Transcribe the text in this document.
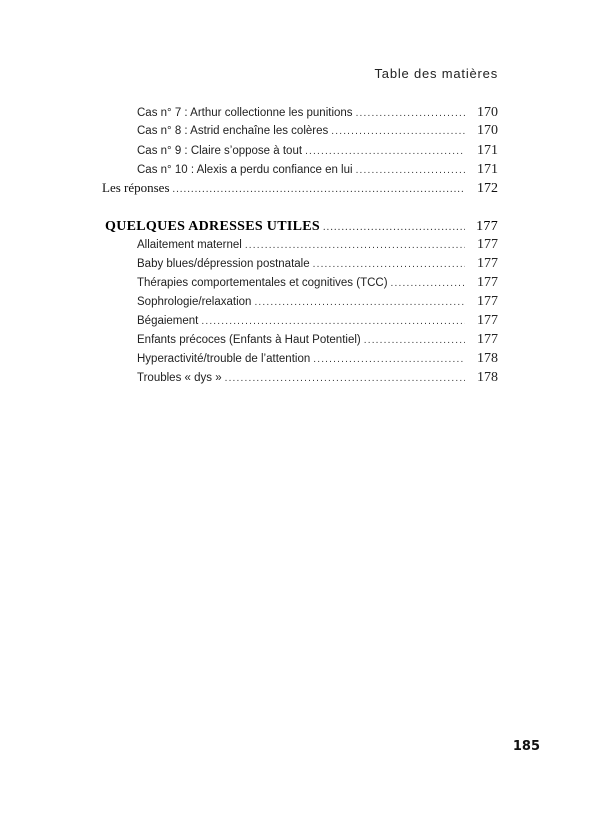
Table des matières
Cas n° 7 : Arthur collectionne les punitions .....	170
Cas n° 8 : Astrid enchaîne les colères .....	170
Cas n° 9 : Claire s’oppose à tout .....	171
Cas n° 10 : Alexis a perdu confiance en lui .....	171
Les réponses .....	172
QUELQUES ADRESSES UTILES .....	177
Allaitement maternel .....	177
Baby blues/dépression postnatale .....	177
Thérapies comportementales et cognitives (TCC) .....	177
Sophrologie/relaxation .....	177
Bégaiement .....	177
Enfants précoces (Enfants à Haut Potentiel) .....	177
Hyperactivité/trouble de l’attention .....	178
Troubles « dys » .....	178
185
